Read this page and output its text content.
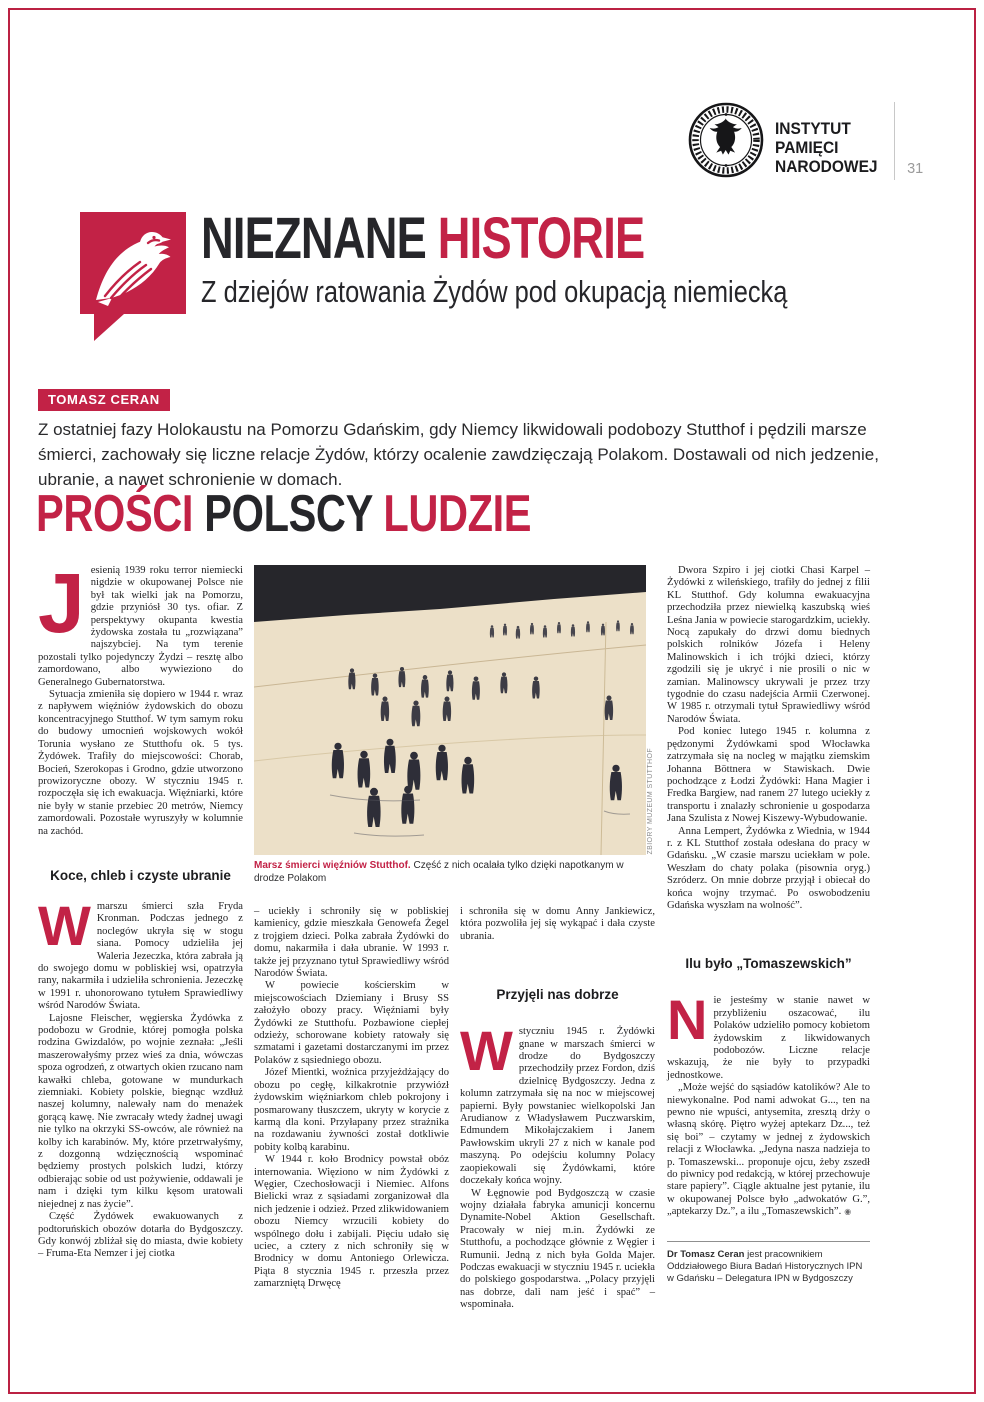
INSTYTUT
PAMIĘCI
NARODOWEJ 31
NIEZNANE HISTORIE
Z dziejów ratowania Żydów pod okupacją niemiecką
TOMASZ CERAN
Z ostatniej fazy Holokaustu na Pomorzu Gdańskim, gdy Niemcy likwidowali podobozy Stutthof i pędzili marsze śmierci, zachowały się liczne relacje Żydów, którzy ocalenie zawdzięczają Polakom. Dostawali od nich jedzenie, ubranie, a nawet schronienie w domach.
PROŚCI POLSCY LUDZIE

Jesienią 1939 roku terror niemiecki nigdzie w okupowanej Polsce nie był tak wielki jak na Pomorzu, gdzie przyniósł 30 tys. ofiar. Z perspektywy okupanta kwestia żydowska została tu „rozwiązana” najszybciej. Na tym terenie pozostali tylko pojedynczy Żydzi – resztę albo zamordowano, albo wywieziono do Generalnego Gubernatorstwa.

Sytuacja zmieniła się dopiero w 1944 r. wraz z napływem więźniów żydowskich do obozu koncentracyjnego Stutthof. W tym samym roku do budowy umocnień wojskowych wokół Torunia wysłano ze Stutthofu ok. 5 tys. Żydówek. Trafiły do miejscowości: Chorab, Bocień, Szerokopas i Grodno, gdzie utworzono prowizoryczne obozy. W styczniu 1945 r. rozpoczęła się ich ewakuacja. Więźniarki, które nie były w stanie przebiec 20 metrów, Niemcy zamordowali. Pozostałe wyruszyły w kolumnie na zachód.

Koce, chleb i czyste ubranie

Wmarszu śmierci szła Fryda Kronman. Podczas jednego z noclegów ukryła się w stogu siana. Pomocy udzieliła jej Waleria Jezeczka, która zabrała ją do swojego domu w pobliskiej wsi, opatrzyła rany, nakarmiła i udzieliła schronienia. Jezeczkę w 1991 r. uhonorowano tytułem Sprawiedliwy wśród Narodów Świata.

Lajosne Fleischer, węgierska Żydówka z podobozu w Grodnie, której pomogła polska rodzina Gwizdalów, po wojnie zeznała: „Jeśli maszerowałyśmy przez wieś za dnia, wówczas spoza ogrodzeń, z otwartych okien rzucano nam kawałki chleba, gotowane w mundurkach ziemniaki. Kobiety polskie, biegnąc wzdłuż naszej kolumny, nalewały nam do menażek gorącą kawę. Nie zwracały wtedy żadnej uwagi nie tylko na okrzyki SS-owców, ale również na kolby ich karabinów. My, które przetrwałyśmy, z dozgonną wdzięcznością wspominać będziemy prostych polskich ludzi, którzy odbierając sobie od ust pożywienie, oddawali je nam i dzięki tym kilku kęsom uratowali niejednej z nas życie”.

Część Żydówek ewakuowanych z podtoruńskich obozów dotarła do Bydgoszczy. Gdy konwój zbliżał się do miasta, dwie kobiety – Fruma-Eta Nemzer i jej ciotka

ZBIORY MUZEUM STUTTHOF
Marsz śmierci więźniów Stutthof. Część z nich ocalała tylko dzięki napotkanym w drodze Polakom

– uciekły i schroniły się w pobliskiej kamienicy, gdzie mieszkała Genowefa Żegel z trojgiem dzieci. Polka zabrała Żydówki do domu, nakarmiła i dała ubranie. W 1993 r. także jej przyznano tytuł Sprawiedliwy wśród Narodów Świata.

W powiecie kościerskim w miejscowościach Dziemiany i Brusy SS założyło obozy pracy. Więźniami były Żydówki ze Stutthofu. Pozbawione ciepłej odzieży, schorowane kobiety ratowały się szmatami i gazetami dostarczanymi im przez Polaków z sąsiedniego obozu.

Józef Mientki, woźnica przyjeżdżający do obozu po cegłę, kilkakrotnie przywiózł żydowskim więźniarkom chleb pokrojony i posmarowany tłuszczem, ukryty w korycie z karmą dla koni. Przyłapany przez strażnika na rozdawaniu żywności został dotkliwie pobity kolbą karabinu.

W 1944 r. koło Brodnicy powstał obóz internowania. Więziono w nim Żydówki z Węgier, Czechosłowacji i Niemiec. Alfons Bielicki wraz z sąsiadami zorganizował dla nich jedzenie i odzież. Przed zlikwidowaniem obozu Niemcy wrzucili kobiety do wspólnego dołu i zabijali. Pięciu udało się uciec, a cztery z nich schroniły się w Brodnicy w domu Antoniego Orlewicza. Piąta 8 stycznia 1945 r. przeszła przez zamarzniętą Drwęcę

i schroniła się w domu Anny Jankiewicz, która pozwoliła jej się wykąpać i dała czyste ubrania.

Przyjęli nas dobrze

Wstyczniu 1945 r. Żydówki gnane w marszach śmierci w drodze do Bydgoszczy przechodziły przez Fordon, dziś dzielnicę Bydgoszczy. Jedna z kolumn zatrzymała się na noc w miejscowej papierni. Były powstaniec wielkopolski Jan Arudianow z Władysławem Puczwarskim, Edmundem Mikołajczakiem i Janem Pawłowskim ukryli 27 z nich w kanale pod maszyną. Po odejściu kolumny Polacy zaopiekowali się Żydówkami, które doczekały końca wojny.

W Łęgnowie pod Bydgoszczą w czasie wojny działała fabryka amunicji koncernu Dynamite-Nobel Aktion Gesellschaft. Pracowały w niej m.in. Żydówki ze Stutthofu, a pochodzące głównie z Węgier i Rumunii. Jedną z nich była Golda Majer. Podczas ewakuacji w styczniu 1945 r. uciekła do polskiego gospodarstwa. „Polacy przyjęli nas dobrze, dali nam jeść i spać” – wspominała.

Dwora Szpiro i jej ciotki Chasi Karpel – Żydówki z wileńskiego, trafiły do jednej z filii KL Stutthof. Gdy kolumna ewakuacyjna przechodziła przez niewielką kaszubską wieś Leśna Jania w powiecie starogardzkim, uciekły. Nocą zapukały do drzwi domu biednych polskich rolników Józefa i Heleny Malinowskich i ich trójki dzieci, którzy zgodzili się je ukryć i nie prosili o nic w zamian. Malinowscy ukrywali je przez trzy tygodnie do czasu nadejścia Armii Czerwonej. W 1985 r. otrzymali tytuł Sprawiedliwy wśród Narodów Świata.

Pod koniec lutego 1945 r. kolumna z pędzonymi Żydówkami spod Włocławka zatrzymała się na nocleg w majątku ziemskim Johanna Böttnera w Stawiskach. Dwie pochodzące z Łodzi Żydówki: Hana Magier i Fredka Bargiew, nad ranem 27 lutego uciekły z transportu i znalazły schronienie u gospodarza Jana Szulista z Nowej Kiszewy-Wybudowanie.

Anna Lempert, Żydówka z Wiednia, w 1944 r. z KL Stutthof została odesłana do pracy w Gdańsku. „W czasie marszu uciekłam w pole. Weszłam do chaty polaka (pisownia oryg.) Szróderz. On mnie dobrze przyjął i obiecał do końca wojny trzymać. Po oswobodzeniu Gdańska wyszłam na wolność”.

Ilu było „Tomaszewskich”

Nie jesteśmy w stanie nawet w przybliżeniu oszacować, ilu Polaków udzieliło pomocy kobietom żydowskim z likwidowanych podobozów. Liczne relacje wskazują, że nie były to przypadki jednostkowe.

„Może wejść do sąsiadów katolików? Ale to niewykonalne. Pod nami adwokat G..., ten na pewno nie wpuści, antysemita, zresztą drży o własną skórę. Piętro wyżej aptekarz Dz..., też się boi” – czytamy w jednej z żydowskich relacji z Włocławka. „Jedyna nasza nadzieja to p. Tomaszewski... proponuje ojcu, żeby zszedł do piwnicy pod redakcją, w której przechowuje stare papiery”. Ciągle aktualne jest pytanie, ilu w okupowanej Polsce było „adwokatów G.”, „aptekarzy Dz.”, a ilu „Tomaszewskich”. ◉

Dr Tomasz Ceran jest pracownikiem Oddziałowego Biura Badań Historycznych IPN w Gdańsku – Delegatura IPN w Bydgoszczy
